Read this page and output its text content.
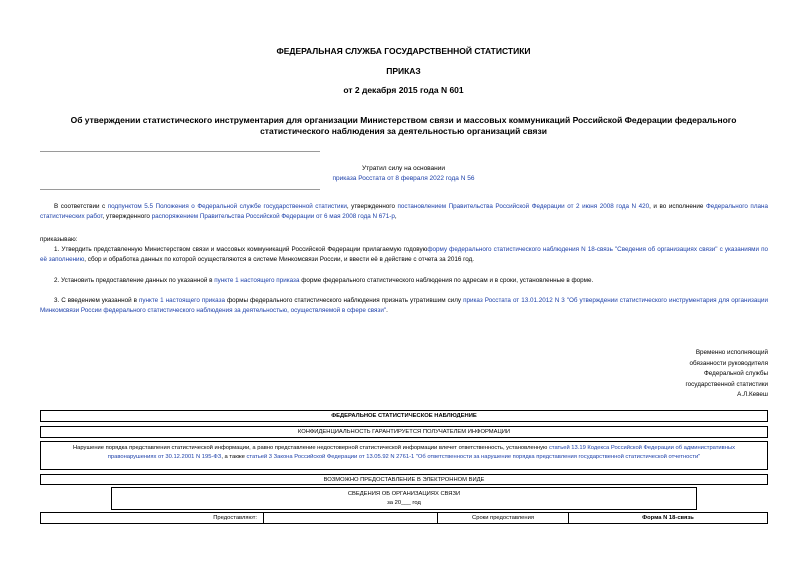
ФЕДЕРАЛЬНАЯ СЛУЖБА ГОСУДАРСТВЕННОЙ СТАТИСТИКИ
ПРИКАЗ
от 2 декабря 2015 года N 601
Об утверждении статистического инструментария для организации Министерством связи и массовых коммуникаций Российской Федерации федерального статистического наблюдения за деятельностью организаций связи
Утратил силу на основании
приказа Росстата от 8 февраля 2022 года N 56
В соответствии с подпунктом 5.5 Положения о Федеральной службе государственной статистики, утвержденного постановлением Правительства Российской Федерации от 2 июня 2008 года N 420, и во исполнение Федерального плана статистических работ, утвержденного распоряжением Правительства Российской Федерации от 6 мая 2008 года N 671-р,
приказываю:
1. Утвердить представленную Министерством связи и массовых коммуникаций Российской Федерации прилагаемую годовуюформу федерального статистического наблюдения N 18-связь "Сведения об организациях связи" с указаниями по её заполнению, сбор и обработка данных по которой осуществляются в системе Минкомсвязи России, и ввести её в действие с отчета за 2016 год.
2. Установить предоставление данных по указанной в пункте 1 настоящего приказа форме федерального статистического наблюдения по адресам и в сроки, установленные в форме.
3. С введением указанной в пункте 1 настоящего приказа формы федерального статистического наблюдения признать утратившим силу приказ Росстата от 13.01.2012 N 3 "Об утверждении статистического инструментария для организации Минкомсвязи России федерального статистического наблюдения за деятельностью, осуществляемой в сфере связи".
Временно исполняющий
обязанности руководителя
Федеральной службы
государственной статистики
А.Л.Кевеш
ФЕДЕРАЛЬНОЕ СТАТИСТИЧЕСКОЕ НАБЛЮДЕНИЕ
КОНФИДЕНЦИАЛЬНОСТЬ ГАРАНТИРУЕТСЯ ПОЛУЧАТЕЛЕМ ИНФОРМАЦИИ
Нарушение порядка представления статистической информации, а равно представление недостоверной статистической информации влечет ответственность, установленную статьей 13.19 Кодекса Российской Федерации об административных правонарушениях от 30.12.2001 N 195-ФЗ, а также статьей 3 Закона Российской Федерации от 13.05.92 N 2761-1 "Об ответственности за нарушение порядка представления государственной статистической отчетности"
ВОЗМОЖНО ПРЕДОСТАВЛЕНИЕ В ЭЛЕКТРОННОМ ВИДЕ
СВЕДЕНИЯ ОБ ОРГАНИЗАЦИЯХ СВЯЗИ
за 20___ год
Предоставляют:	Сроки предоставления	Форма N 18-связь
